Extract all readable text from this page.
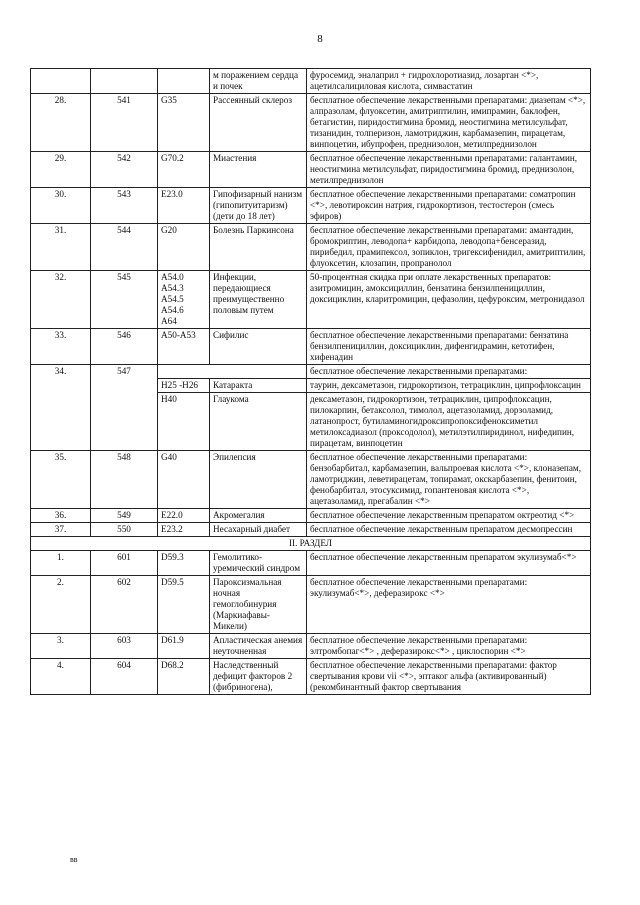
8
			м поражением сердца и почек	фуросемид, эналаприл + гидрохлоротиазид, лозартан <*>, ацетилсалициловая кислота, симвастатин
28.	541	G35	Рассеянный склероз	бесплатное обеспечение лекарственными препаратами: диазепам <*>, алпразолам, флуоксетин, амитриптилин, имипрамин, баклофен, бетагистин, пиридостигмина бромид, неостигмина метилсульфат, тизанидин, толперизон, ламотриджин, карбамазепин, пирацетам, винпоцетин, ибупрофен, преднизолон, метилпреднизолон
29.	542	G70.2	Миастения	бесплатное обеспечение лекарственными препаратами: галантамин, неостигмина метилсульфат, пиридостигмина бромид, преднизолон, метилпреднизолон
30.	543	E23.0	Гипофизарный нанизм (гипопитуитаризм) (дети до 18 лет)	бесплатное обеспечение лекарственными препаратами: соматропин <*>, левотироксин натрия, гидрокортизон, тестостерон (смесь эфиров)
31.	544	G20	Болезнь Паркинсона	бесплатное обеспечение лекарственными препаратами: амантадин, бромокриптин, леводопа+ карбидопа, леводопа+бенсеразид, пирибедил, прамипексол, зопиклон, тригексифенидил, амитриптилин, флуоксетин, клозапин, пропранолол
32.	545	A54.0
A54.3
A54.5
A54.6
A64	Инфекции, передающиеся преимущественно половым путем	50-процентная скидка при оплате лекарственных препаратов: азитромицин, амоксициллин, бензатина бензилпенициллин, доксициклин, кларитромицин, цефазолин, цефуроксим, метронидазол
33.	546	A50-A53	Сифилис	бесплатное обеспечение лекарственными препаратами: бензатина бензилпенициллин, доксициклин, дифенгидрамин, кетотифен, хифенадин
34.	547			бесплатное обеспечение лекарственными препаратами:
		H25 -H26	Катаракта	таурин, дексаметазон, гидрокортизон, тетрациклин, ципрофлоксацин
		H40	Глаукома	дексаметазон, гидрокортизон, тетрациклин, ципрофлоксацин, пилокарпин, бетаксолол, тимолол, ацетазоламид, дорзоламид, латанопрост, бутиламиногидроксипропоксифеноксиметил метилоксадиазол (проксодолол), метилэтилпиридинол, нифедипин, пирацетам, винпоцетин
35.	548	G40	Эпилепсия	бесплатное обеспечение лекарственными препаратами: бензобарбитал, карбамазепин, вальпроевая кислота <*>, клоназепам, ламотриджин, леветирацетам, топирамат, окскарбазепин, фенитоин, фенобарбитал, этосуксимид, гопантеновая кислота <*>, ацетазоламид, прегабалин <*>
36.	549	E22.0	Акромегалия	бесплатное обеспечение лекарственным препаратом октреотид <*>
37.	550	E23.2	Несахарный диабет	бесплатное обеспечение лекарственным препаратом десмопрессин
II. РАЗДЕЛ				
1.	601	D59.3	Гемолитико-уремический синдром	бесплатное обеспечение лекарственным препаратом экулизумаб<*>
2.	602	D59.5	Пароксизмальная ночная гемоглобинурия (Маркиафавы-Микели)	бесплатное обеспечение лекарственными препаратами: экулизумаб<*>, деферазирокс <*>
3.	603	D61.9	Апластическая анемия неуточненная	бесплатное обеспечение лекарственными препаратами: элтромбопаг<*> , деферазирокс<*> , циклоспорин <*>
4.	604	D68.2	Наследственный дефицит факторов 2 (фибриногена),	бесплатное обеспечение лекарственными препаратами: фактор свертывания крови vii <*>, эптаког альфа (активированный) (рекомбинантный фактор свертывания
вв
